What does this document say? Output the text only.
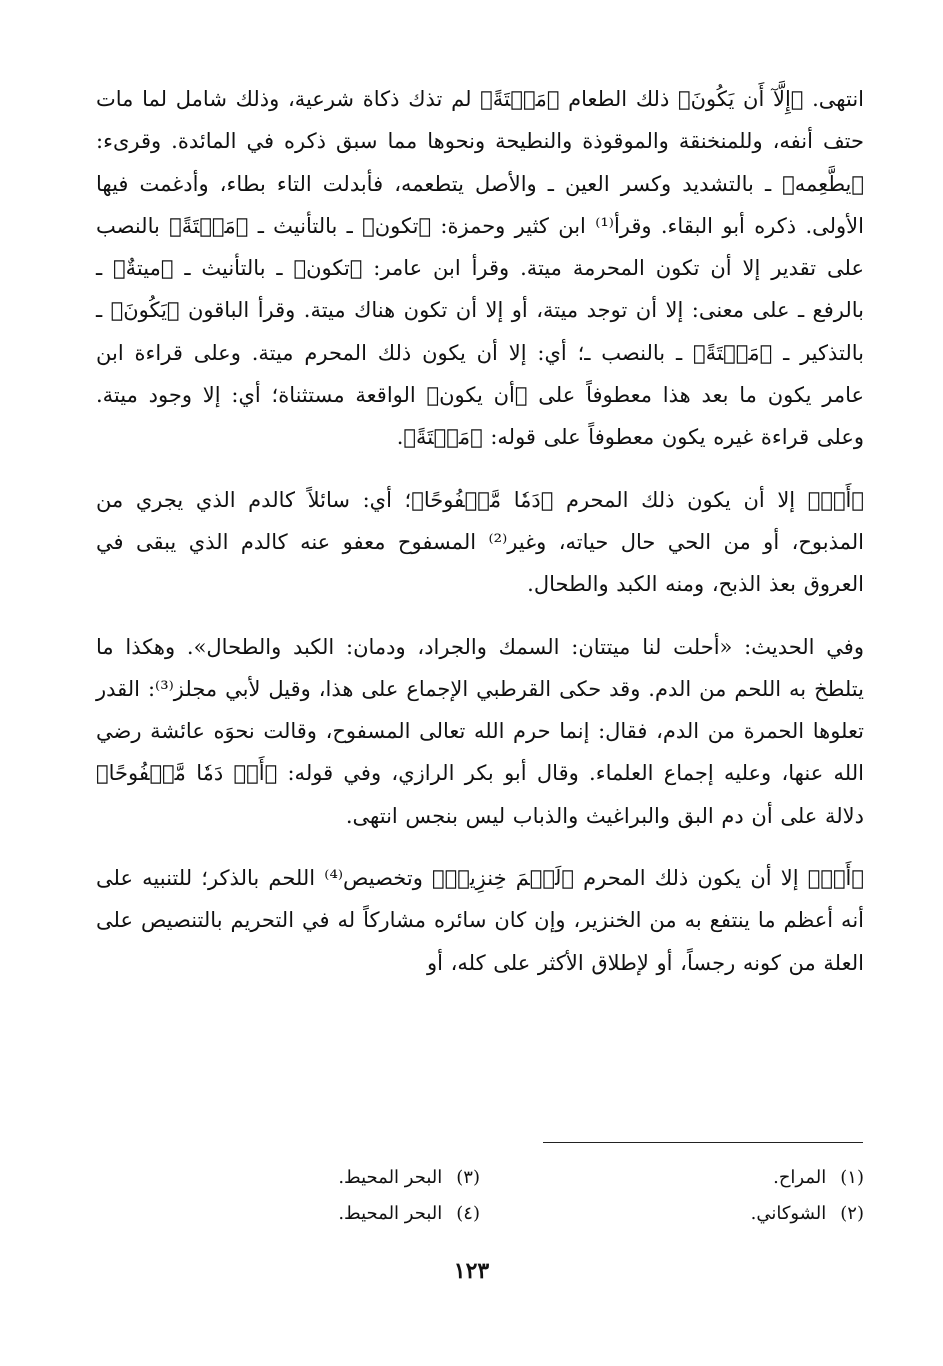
انتهى. ﴿إِلَّآ أَن يَكُونَ﴾ ذلك الطعام ﴿مَيۡتَةً﴾ لم تذك ذكاة شرعية، وذلك شامل لما مات حتف أنفه، وللمنخنقة والموقوذة والنطيحة ونحوها مما سبق ذكره في المائدة. وقرىء: ﴿يطَّعِمه﴾ ـ بالتشديد وكسر العين ـ والأصل يتطعمه، فأبدلت التاء بطاء، وأدغمت فيها الأولى. ذكره أبو البقاء. وقرأ⁽¹⁾ ابن كثير وحمزة: ﴿تكون﴾ ـ بالتأنيث ـ ﴿مَيۡتَةً﴾ بالنصب على تقدير إلا أن تكون المحرمة ميتة. وقرأ ابن عامر: ﴿تكون﴾ ـ بالتأنيث ـ ﴿ميتةٌ﴾ ـ بالرفع ـ على معنى: إلا أن توجد ميتة، أو إلا أن تكون هناك ميتة. وقرأ الباقون ﴿يَكُونَ﴾ ـ بالتذكير ـ ﴿مَيۡتَةً﴾ ـ بالنصب ـ؛ أي: إلا أن يكون ذلك المحرم ميتة. وعلى قراءة ابن عامر يكون ما بعد هذا معطوفاً على ﴿أن يكون﴾ الواقعة مستثناة؛ أي: إلا وجود ميتة. وعلى قراءة غيره يكون معطوفاً على قوله: ﴿مَيۡتَةً﴾.

﴿أَوۡ﴾ إلا أن يكون ذلك المحرم ﴿دَمٗا مَّسۡفُوحًا﴾؛ أي: سائلاً كالدم الذي يجري من المذبوح، أو من الحي حال حياته، وغير⁽²⁾ المسفوح معفو عنه كالدم الذي يبقى في العروق بعذ الذبح، ومنه الكبد والطحال.

وفي الحديث: «أحلت لنا ميتتان: السمك والجراد، ودمان: الكبد والطحال». وهكذا ما يتلطخ به اللحم من الدم. وقد حكى القرطبي الإجماع على هذا، وقيل لأبي مجلز⁽³⁾: القدر تعلوها الحمرة من الدم، فقال: إنما حرم الله تعالى المسفوح، وقالت نحوَه عائشة رضي الله عنها، وعليه إجماع العلماء. وقال أبو بكر الرازي، وفي قوله: ﴿أَوۡ دَمٗا مَّسۡفُوحًا﴾ دلالة على أن دم البق والبراغيث والذباب ليس بنجس انتهى.

﴿أَوۡ﴾ إلا أن يكون ذلك المحرم ﴿لَحۡمَ خِنزِيرٖ﴾ وتخصيص⁽⁴⁾ اللحم بالذكر؛ للتنبيه على أنه أعظم ما ينتفع به من الخنزير، وإن كان سائره مشاركاً له في التحريم بالتنصيص على العلة من كونه رجساً، أو لإطلاق الأكثر على كله، أو

(١)المراح.
(٣)البحر المحيط.
(٢)الشوكاني.
(٤)البحر المحيط.
١٢٣
